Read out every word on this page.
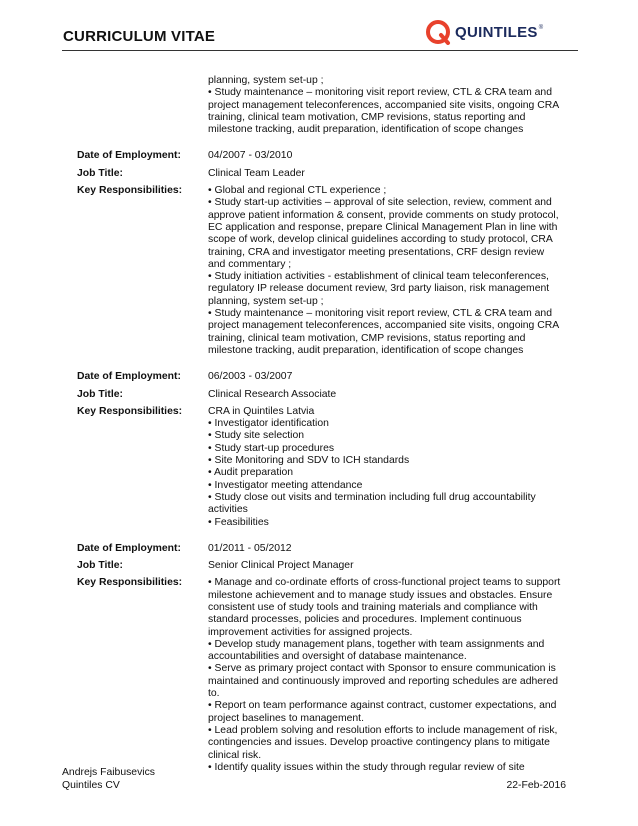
CURRICULUM VITAE	QUINTILES ®
planning, system set-up ;
• Study maintenance – monitoring visit report review, CTL & CRA team and
project management teleconferences, accompanied site visits, ongoing CRA
training, clinical team motivation, CMP revisions, status reporting and
milestone tracking, audit preparation, identification of scope changes
Date of Employment:	04/2007 - 03/2010
Job Title:	Clinical Team Leader
Key Responsibilities:	• Global and regional CTL experience ;
• Study start-up activities – approval of site selection, review, comment and
approve patient information & consent, provide comments on study protocol,
EC application and response, prepare Clinical Management Plan in line with
scope of work, develop clinical guidelines according to study protocol, CRA
training, CRA and investigator meeting presentations, CRF design review
and commentary ;
• Study initiation activities - establishment of clinical team teleconferences,
regulatory IP release document review, 3rd party liaison, risk management
planning, system set-up ;
• Study maintenance – monitoring visit report review, CTL & CRA team and
project management teleconferences, accompanied site visits, ongoing CRA
training, clinical team motivation, CMP revisions, status reporting and
milestone tracking, audit preparation, identification of scope changes
Date of Employment:	06/2003 - 03/2007
Job Title:	Clinical Research Associate
Key Responsibilities:	CRA in Quintiles Latvia
• Investigator identification
• Study site selection
• Study start-up procedures
• Site Monitoring and SDV to ICH standards
• Audit preparation
• Investigator meeting attendance
• Study close out visits and termination including full drug accountability
activities
• Feasibilities
Date of Employment:	01/2011 - 05/2012
Job Title:	Senior Clinical Project Manager
Key Responsibilities:	• Manage and co-ordinate efforts of cross-functional project teams to support
milestone achievement and to manage study issues and obstacles. Ensure
consistent use of study tools and training materials and compliance with
standard processes, policies and procedures. Implement continuous
improvement activities for assigned projects.
• Develop study management plans, together with team assignments and
accountabilities and oversight of database maintenance.
• Serve as primary project contact with Sponsor to ensure communication is
maintained and continuously improved and reporting schedules are adhered
to.
• Report on team performance against contract, customer expectations, and
project baselines to management.
• Lead problem solving and resolution efforts to include management of risk,
contingencies and issues. Develop proactive contingency plans to mitigate
clinical risk.
• Identify quality issues within the study through regular review of site
Andrejs Faibusevics
Quintiles CV	22-Feb-2016
